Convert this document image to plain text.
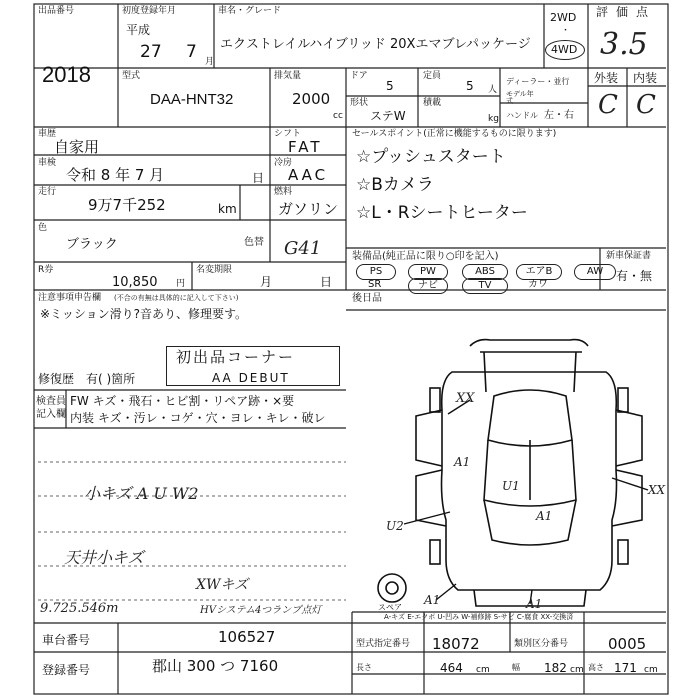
出品番号
2018
初度登録年月
平成
27 7 月
車名・グレード
エクストレイルハイブリッド 20Xエマブレパッケージ
2WD
・
4WD
評価点
3.5
外装 内装
C C
型式
DAA-HNT32
排気量
2000
cc
ドア
5
定員
5 人
形状
ステW
積載
kg
ディーラー・並行
モデル年式
ハンドル 左・右
車歴
自家用
シフト
FAT
車検
令和 8 年 7 月	日
冷房
AAC
走行
9万7千252	km
燃料
ガソリン
色
ブラック	色替 G41
R券
10,850 円
名変期限
月	日
セールスポイント(正常に機能するものに限ります)
☆プッシュスタート
☆Bカメラ
☆L・Rシートヒーター
装備品(純正品に限り○印を記入)
PS	PW	ABS	エアB	AW
SR	ナビ	TV	カワ
新車保証書
有・無
後日品
注意事項申告欄 (不合の有無は具体的に記入して下さい)
※ミッション滑り?音あり、修理要す。
初出品コーナー
AA DEBUT
修復歴 有( )箇所
検査員
記入欄
FW キズ・飛石・ヒビ割・リペア跡・×要
内装 キズ・汚レ・コゲ・穴・ヨレ・キレ・破レ
小キズ A U W2
天井小キズ
XWキズ
9.725.546m	HVシステム4つランプ点灯
XX
A1
U1
U2
A1
A1
XX
A1
スペア
A-キズ E-エクボ U-凹み W-補修跡 S-サビ C-腐食 XX-交換済
車台番号	106527
登録番号	郡山 300 つ 7160
型式指定番号 18072	類別区分番号	0005
長さ	464 cm	幅 182 cm 高さ 171 cm
